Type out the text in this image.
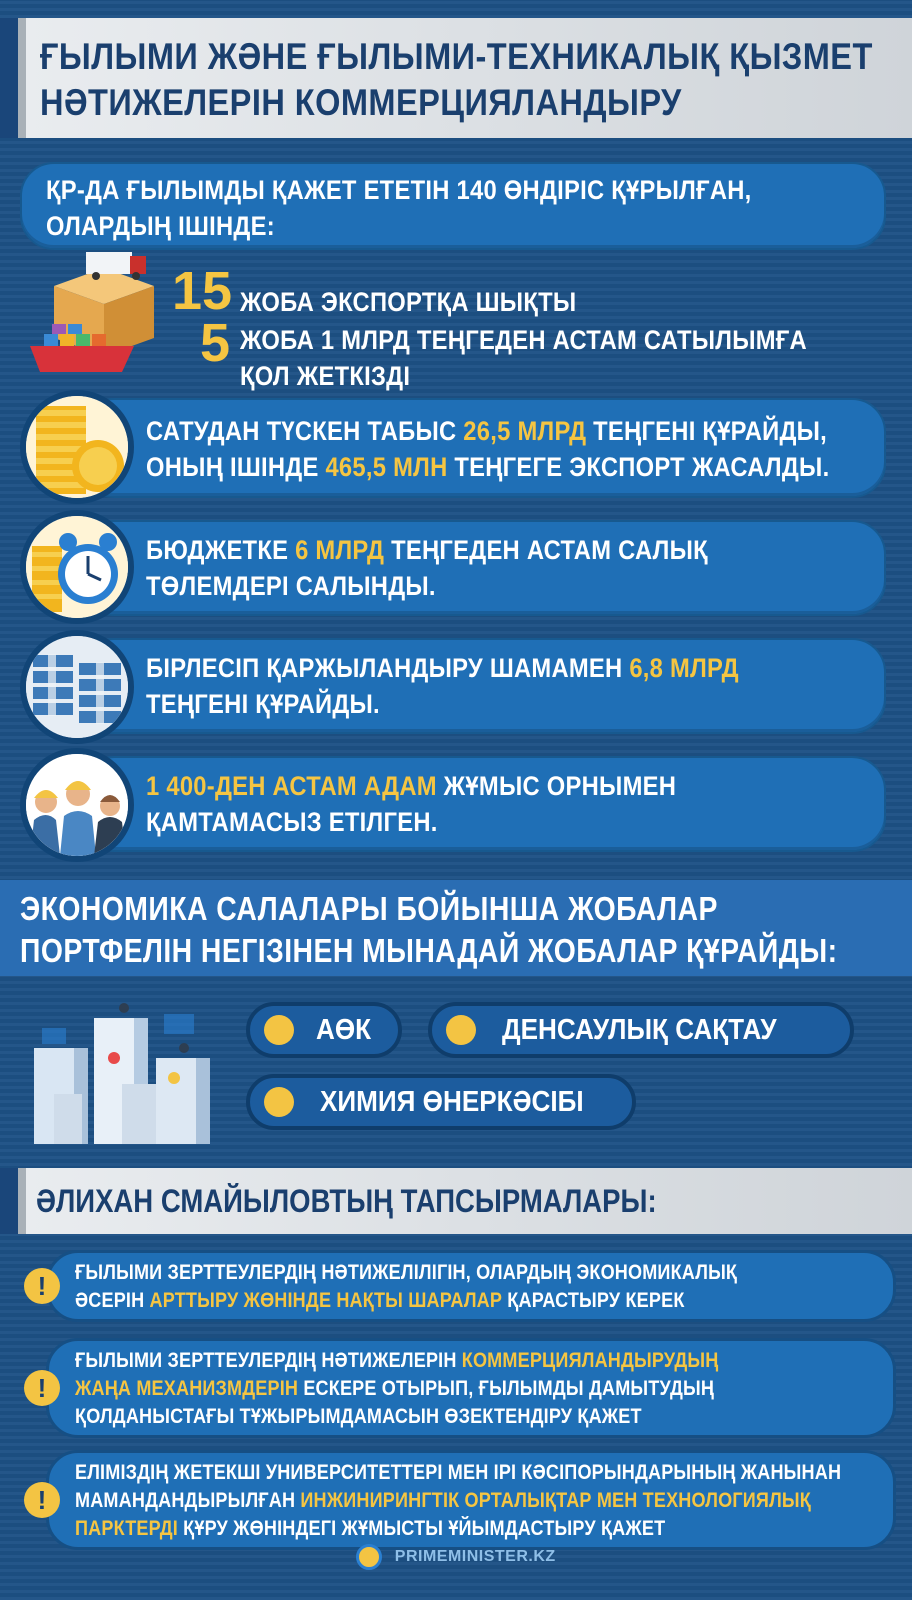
ҒЫЛЫМИ ЖӘНЕ ҒЫЛЫМИ-ТЕХНИКАЛЫҚ ҚЫЗМЕТ
НӘТИЖЕЛЕРІН КОММЕРЦИЯЛАНДЫРУ
ҚР-ДА ҒЫЛЫМДЫ ҚАЖЕТ ЕТЕТІН 140 ӨНДІРІС ҚҰРЫЛҒАН,
ОЛАРДЫҢ ІШІНДЕ:
15 ЖОБА ЭКСПОРТҚА ШЫҚТЫ
5 ЖОБА 1 МЛРД ТЕҢГЕДЕН АСТАМ САТЫЛЫМҒА
ҚОЛ ЖЕТКІЗДІ
САТУДАН ТҮСКЕН ТАБЫС 26,5 МЛРД ТЕҢГЕНІ ҚҰРАЙДЫ,
ОНЫҢ ІШІНДЕ 465,5 МЛН ТЕҢГЕГЕ ЭКСПОРТ ЖАСАЛДЫ.
БЮДЖЕТКЕ 6 МЛРД ТЕҢГЕДЕН АСТАМ САЛЫҚ
ТӨЛЕМДЕРІ САЛЫНДЫ.
БІРЛЕСІП ҚАРЖЫЛАНДЫРУ ШАМАМЕН 6,8 МЛРД
ТЕҢГЕНІ ҚҰРАЙДЫ.
1 400-ДЕН АСТАМ АДАМ ЖҰМЫС ОРНЫМЕН
ҚАМТАМАСЫЗ ЕТІЛГЕН.
ЭКОНОМИКА САЛАЛАРЫ БОЙЫНША ЖОБАЛАР
ПОРТФЕЛІН НЕГІЗІНЕН МЫНАДАЙ ЖОБАЛАР ҚҰРАЙДЫ:
АӨК	ДЕНСАУЛЫҚ САҚТАУ
ХИМИЯ ӨНЕРКӘСІБІ
ӘЛИХАН СМАЙЫЛОВТЫҢ ТАПСЫРМАЛАРЫ:
ҒЫЛЫМИ ЗЕРТТЕУЛЕРДІҢ НӘТИЖЕЛІЛІГІН, ОЛАРДЫҢ ЭКОНОМИКАЛЫҚ
ӘСЕРІН АРТТЫРУ ЖӨНІНДЕ НАҚТЫ ШАРАЛАР ҚАРАСТЫРУ КЕРЕК
!
ҒЫЛЫМИ ЗЕРТТЕУЛЕРДІҢ НӘТИЖЕЛЕРІН КОММЕРЦИЯЛАНДЫРУДЫҢ
ЖАҢА МЕХАНИЗМДЕРІН ЕСКЕРЕ ОТЫРЫП, ҒЫЛЫМДЫ ДАМЫТУДЫҢ
ҚОЛДАНЫСТАҒЫ ТҰЖЫРЫМДАМАСЫН ӨЗЕКТЕНДІРУ ҚАЖЕТ
!
ЕЛІМІЗДІҢ ЖЕТЕКШІ УНИВЕРСИТЕТТЕРІ МЕН ІРІ КӘСІПОРЫНДАРЫНЫҢ ЖАНЫНАН
МАМАНДАНДЫРЫЛҒАН ИНЖИНИРИНГТІК ОРТАЛЫҚТАР МЕН ТЕХНОЛОГИЯЛЫҚ
ПАРКТЕРДІ ҚҰРУ ЖӨНІНДЕГІ ЖҰМЫСТЫ ҰЙЫМДАСТЫРУ ҚАЖЕТ
!
PRIMEMINISTER.KZ
